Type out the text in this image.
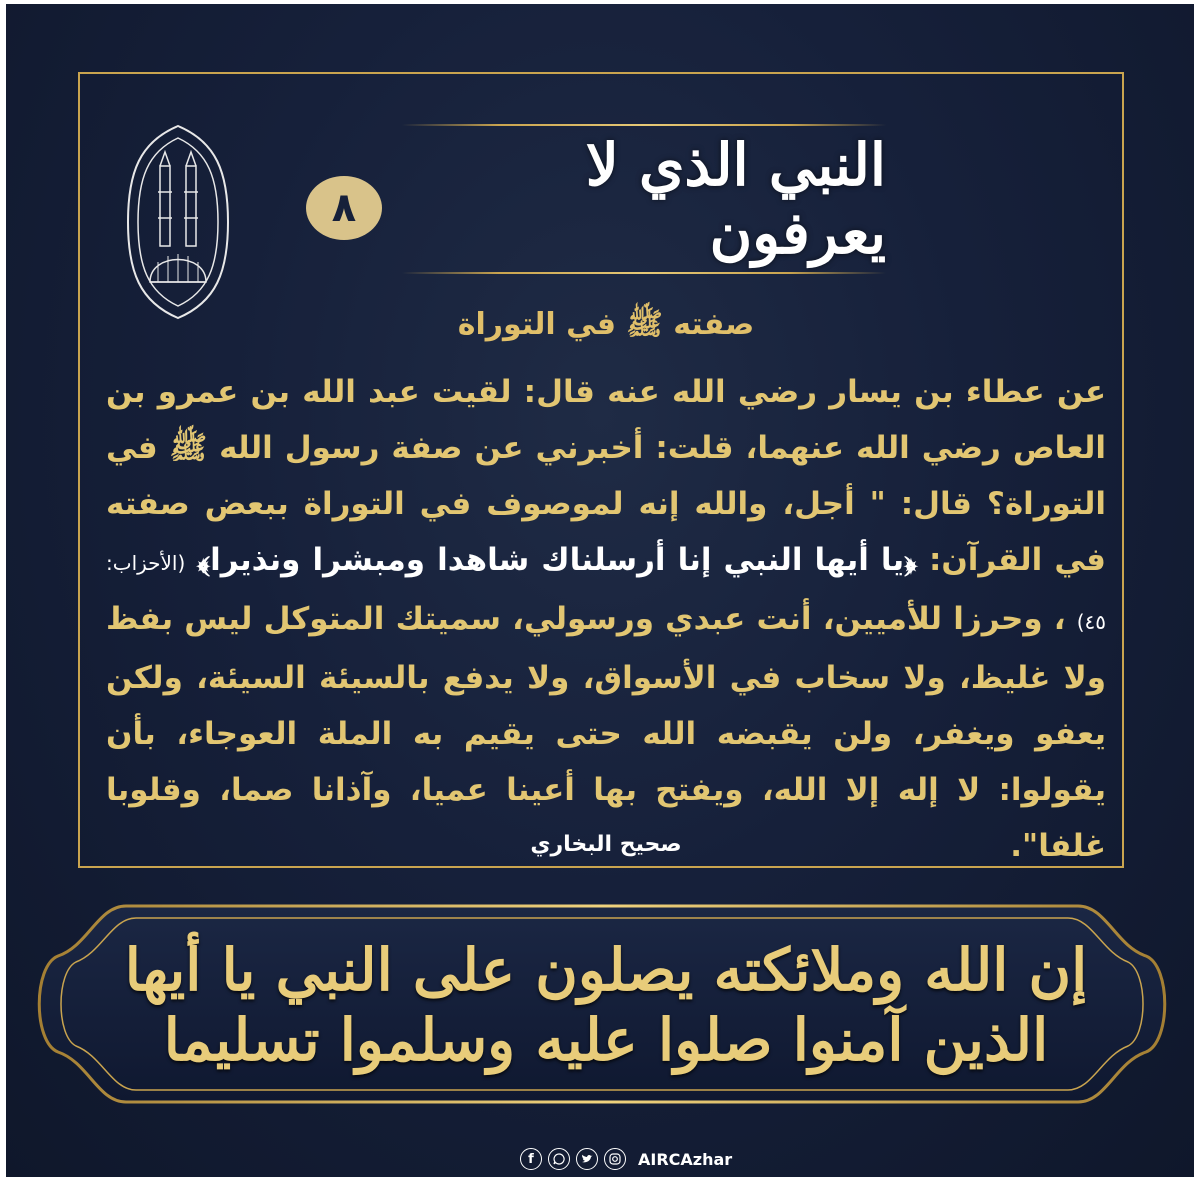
النبي الذي لا يعرفون
٨
صفته ﷺ في التوراة
عن عطاء بن يسار رضي الله عنه قال: لقيت عبد الله بن عمرو بن العاص رضي الله عنهما، قلت: أخبرني عن صفة رسول الله ﷺ في التوراة؟ قال: " أجل، والله إنه لموصوف في التوراة ببعض صفته في القرآن: ﴿يا أيها النبي إنا أرسلناك شاهدا ومبشرا ونذيرا﴾ (الأحزاب: ٤٥) ، وحرزا للأميين، أنت عبدي ورسولي، سميتك المتوكل ليس بفظ ولا غليظ، ولا سخاب في الأسواق، ولا يدفع بالسيئة السيئة، ولكن يعفو ويغفر، ولن يقبضه الله حتى يقيم به الملة العوجاء، بأن يقولوا: لا إله إلا الله، ويفتح بها أعينا عميا، وآذانا صما، وقلوبا غلفا".
صحيح البخاري
إن الله وملائكته يصلون على النبي يا أيها الذين آمنوا صلوا عليه وسلموا تسليما
f	AIRCAzhar
